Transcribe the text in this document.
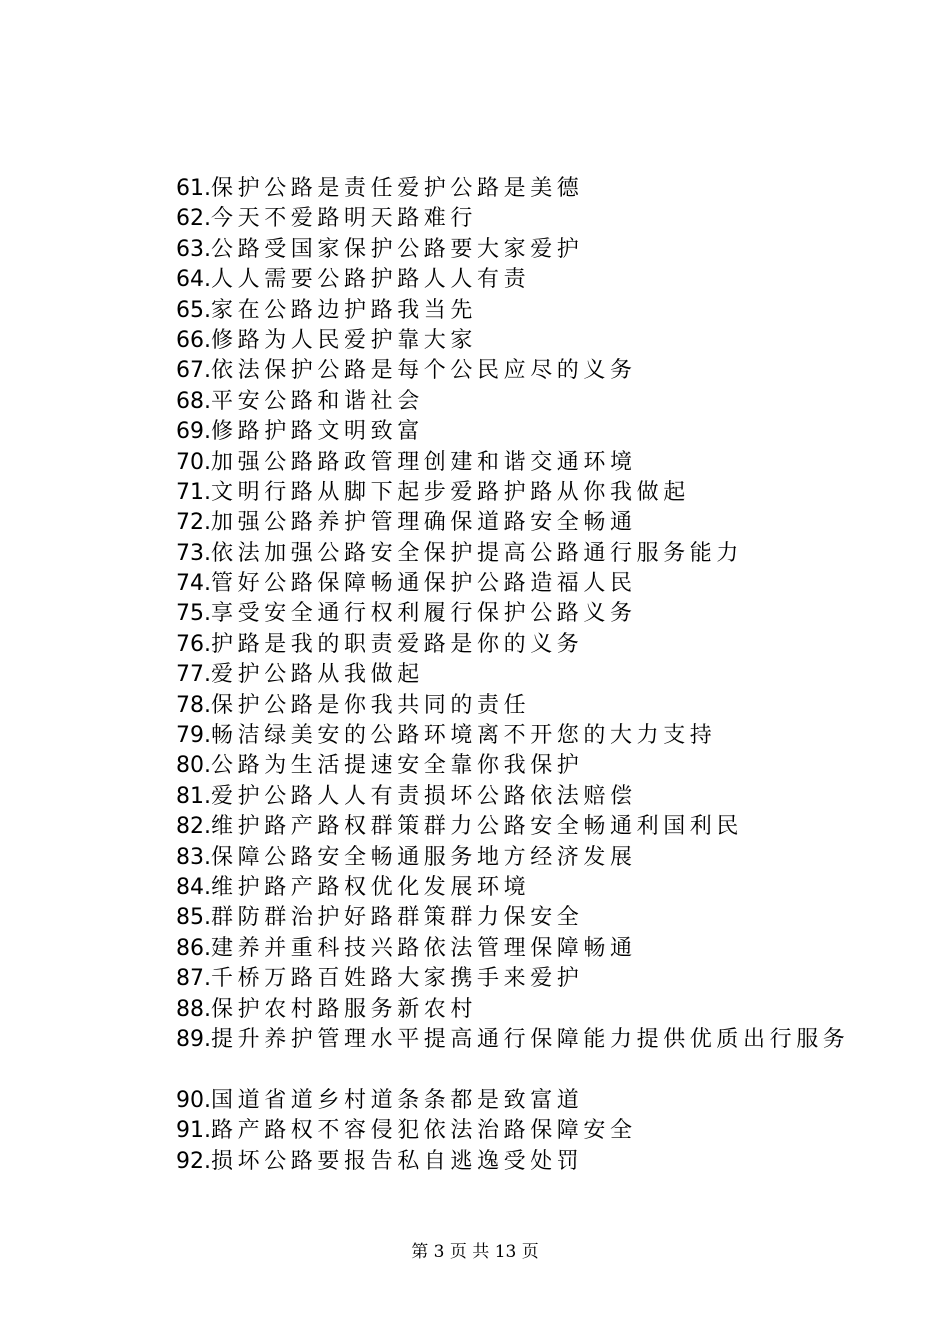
61.保护公路是责任爱护公路是美德
62.今天不爱路明天路难行
63.公路受国家保护公路要大家爱护
64.人人需要公路护路人人有责
65.家在公路边护路我当先
66.修路为人民爱护靠大家
67.依法保护公路是每个公民应尽的义务
68.平安公路和谐社会
69.修路护路文明致富
70.加强公路路政管理创建和谐交通环境
71.文明行路从脚下起步爱路护路从你我做起
72.加强公路养护管理确保道路安全畅通
73.依法加强公路安全保护提高公路通行服务能力
74.管好公路保障畅通保护公路造福人民
75.享受安全通行权利履行保护公路义务
76.护路是我的职责爱路是你的义务
77.爱护公路从我做起
78.保护公路是你我共同的责任
79.畅洁绿美安的公路环境离不开您的大力支持
80.公路为生活提速安全靠你我保护
81.爱护公路人人有责损坏公路依法赔偿
82.维护路产路权群策群力公路安全畅通利国利民
83.保障公路安全畅通服务地方经济发展
84.维护路产路权优化发展环境
85.群防群治护好路群策群力保安全
86.建养并重科技兴路依法管理保障畅通
87.千桥万路百姓路大家携手来爱护
88.保护农村路服务新农村
89.提升养护管理水平提高通行保障能力提供优质出行服务
90.国道省道乡村道条条都是致富道
91.路产路权不容侵犯依法治路保障安全
92.损坏公路要报告私自逃逸受处罚
第 3 页 共 13 页
